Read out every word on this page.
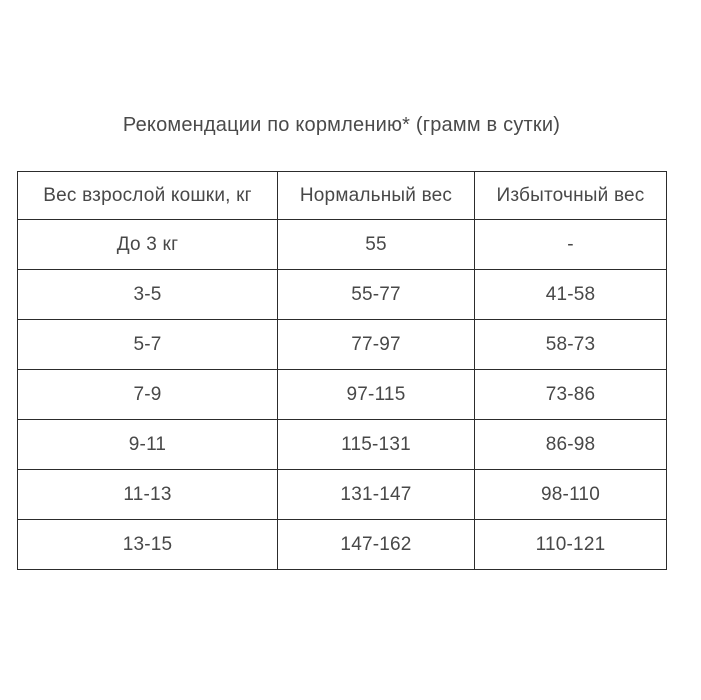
Рекомендации по кормлению* (грамм в сутки)
Вес взрослой кошки, кг	Нормальный вес	Избыточный вес
До 3 кг	55	-
3-5	55-77	41-58
5-7	77-97	58-73
7-9	97-115	73-86
9-11	115-131	86-98
11-13	131-147	98-110
13-15	147-162	110-121
